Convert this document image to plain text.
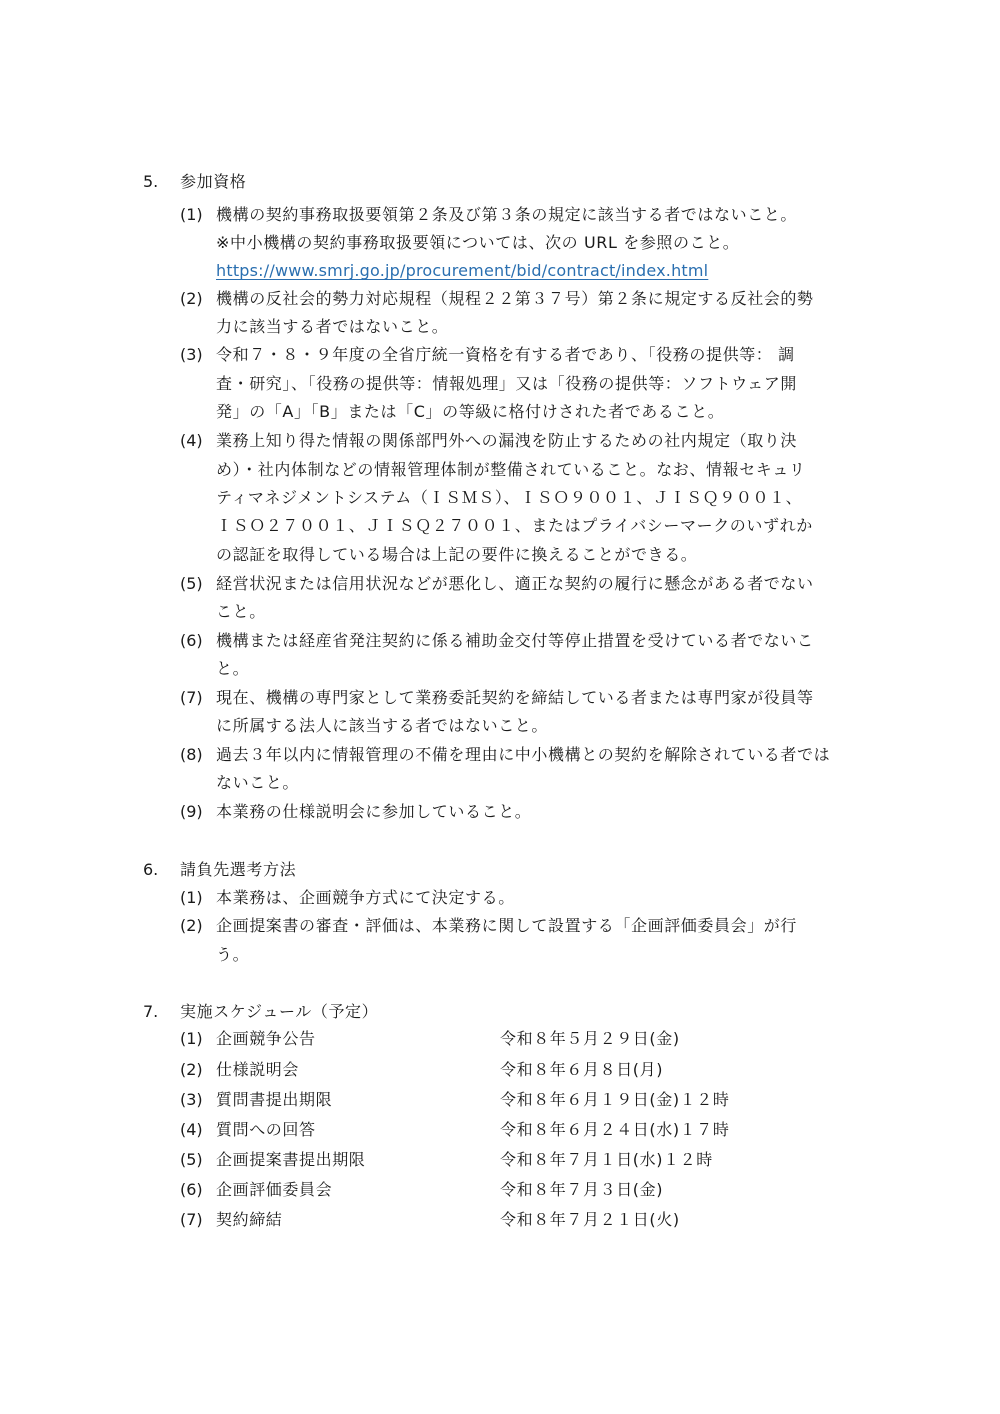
5. 参加資格
(1) 機構の契約事務取扱要領第２条及び第３条の規定に該当する者ではないこと。
※中小機構の契約事務取扱要領については、次の URL を参照のこと。
https://www.smrj.go.jp/procurement/bid/contract/index.html
(2) 機構の反社会的勢力対応規程（規程２２第３７号）第２条に規定する反社会的勢
力に該当する者ではないこと。
(3) 令和７・８・９年度の全省庁統一資格を有する者であり、「役務の提供等： 調
査・研究」、「役務の提供等：情報処理」又は「役務の提供等：ソフトウェア開
発」の「A」「B」または「C」の等級に格付けされた者であること。
(4) 業務上知り得た情報の関係部門外への漏洩を防止するための社内規定（取り決
め）・社内体制などの情報管理体制が整備されていること。なお、情報セキュリ
ティマネジメントシステム（ＩＳＭＳ）、ＩＳＯ９００１、ＪＩＳＱ９００１、
ＩＳＯ２７００１、ＪＩＳＱ２７００１、またはプライバシーマークのいずれか
の認証を取得している場合は上記の要件に換えることができる。
(5) 経営状況または信用状況などが悪化し、適正な契約の履行に懸念がある者でない
こと。
(6) 機構または経産省発注契約に係る補助金交付等停止措置を受けている者でないこ
と。
(7) 現在、機構の専門家として業務委託契約を締結している者または専門家が役員等
に所属する法人に該当する者ではないこと。
(8) 過去３年以内に情報管理の不備を理由に中小機構との契約を解除されている者では
ないこと。
(9) 本業務の仕様説明会に参加していること。
6. 請負先選考方法
(1) 本業務は、企画競争方式にて決定する。
(2) 企画提案書の審査・評価は、本業務に関して設置する「企画評価委員会」が行
う。
7. 実施スケジュール（予定）
(1) 企画競争公告	令和８年５月２９日(金)
(2) 仕様説明会	令和８年６月８日(月)
(3) 質問書提出期限	令和８年６月１９日(金)１２時
(4) 質問への回答	令和８年６月２４日(水)１７時
(5) 企画提案書提出期限	令和８年７月１日(水)１２時
(6) 企画評価委員会	令和８年７月３日(金)
(7) 契約締結	令和８年７月２１日(火)
